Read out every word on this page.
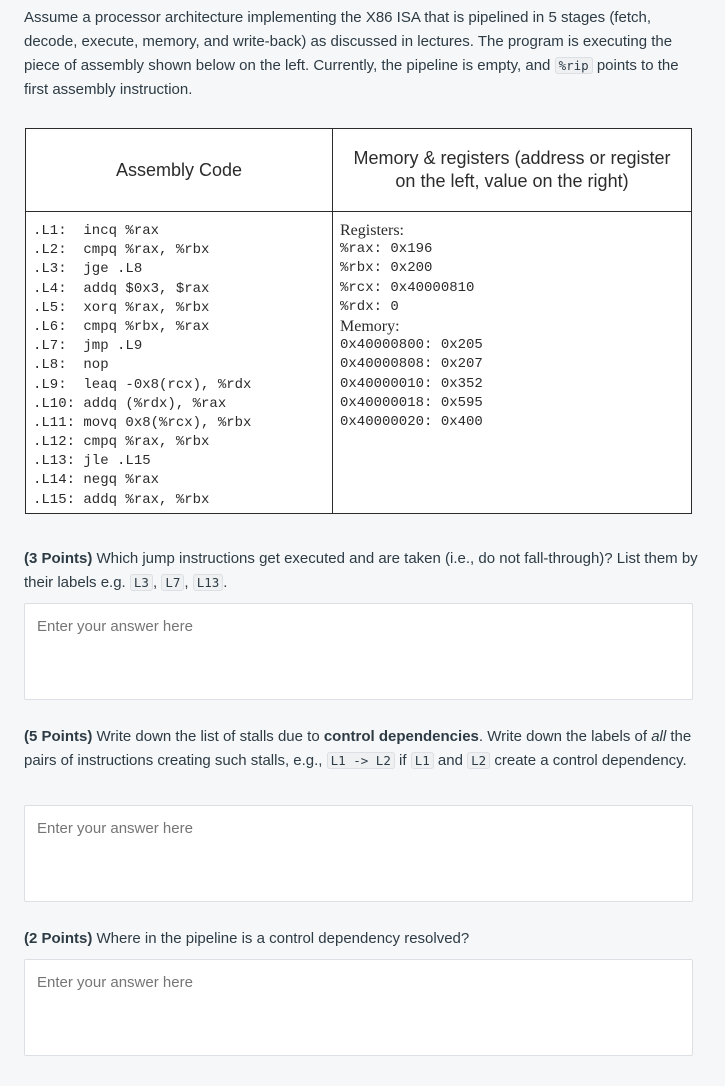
Assume a processor architecture implementing the X86 ISA that is pipelined in 5 stages (fetch, decode, execute, memory, and write-back) as discussed in lectures. The program is executing the piece of assembly shown below on the left. Currently, the pipeline is empty, and %rip points to the first assembly instruction.

Assembly Code
Memory & registers (address or register on the left, value on the right)
.L1:  incq %rax
.L2:  cmpq %rax, %rbx
.L3:  jge .L8
.L4:  addq $0x3, $rax
.L5:  xorq %rax, %rbx
.L6:  cmpq %rbx, %rax
.L7:  jmp .L9
.L8:  nop
.L9:  leaq -0x8(rcx), %rdx
.L10: addq (%rdx), %rax
.L11: movq 0x8(%rcx), %rbx
.L12: cmpq %rax, %rbx
.L13: jle .L15
.L14: negq %rax
.L15: addq %rax, %rbx
Registers:
%rax: 0x196
%rbx: 0x200
%rcx: 0x40000810
%rdx: 0
Memory:
0x40000800: 0x205
0x40000808: 0x207
0x40000010: 0x352
0x40000018: 0x595
0x40000020: 0x400

(3 Points) Which jump instructions get executed and are taken (i.e., do not fall-through)? List them by their labels e.g. L3 , L7 , L13 .

Enter your answer here

(5 Points) Write down the list of stalls due to control dependencies. Write down the labels of all the pairs of instructions creating such stalls, e.g., L1 -> L2 if L1 and L2 create a control dependency.

Enter your answer here

(2 Points) Where in the pipeline is a control dependency resolved?

Enter your answer here
